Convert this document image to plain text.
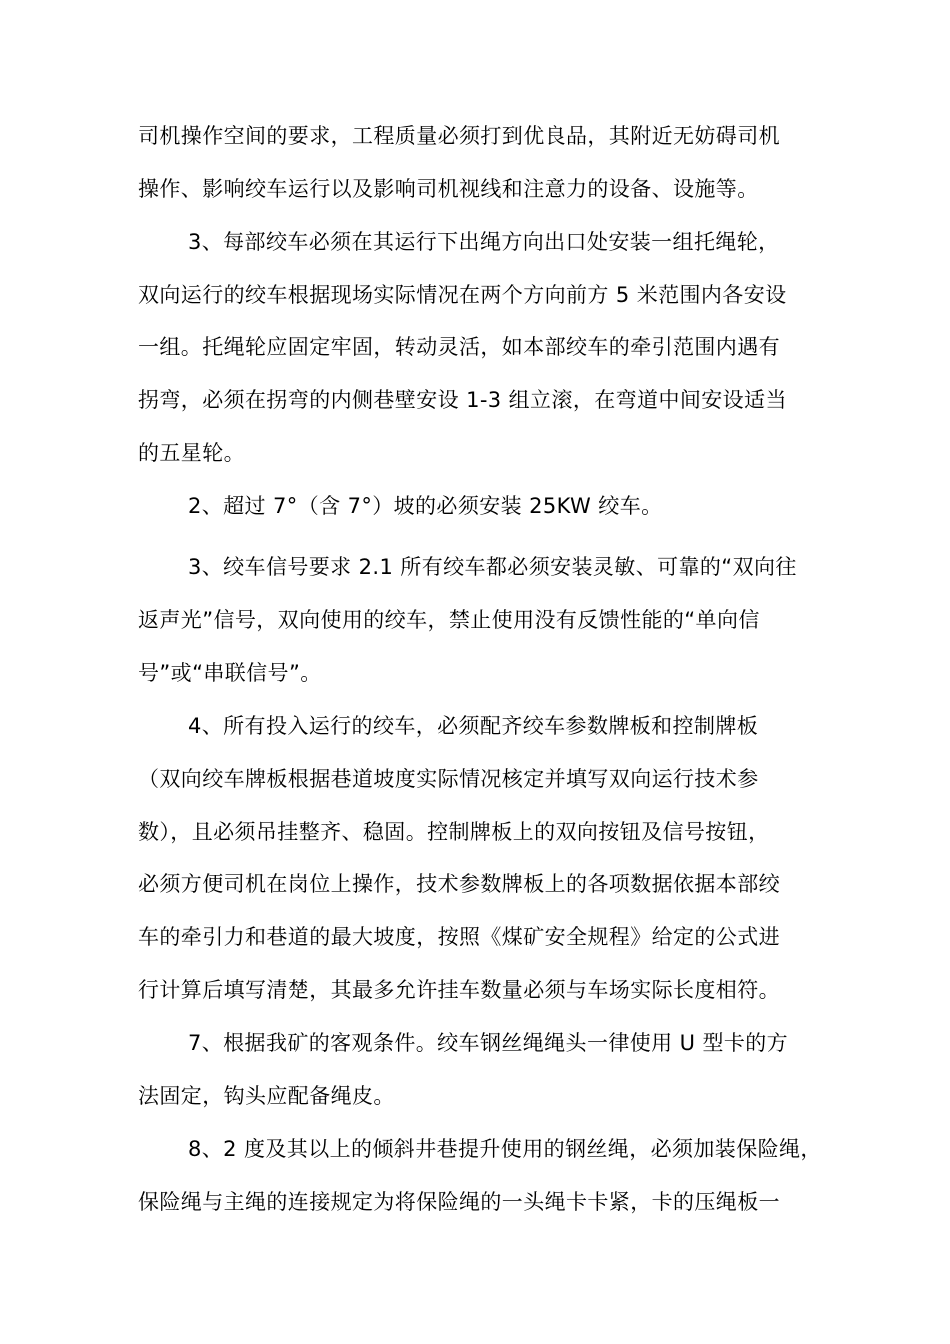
司机操作空间的要求，工程质量必须打到优良品，其附近无妨碍司机

操作、影响绞车运行以及影响司机视线和注意力的设备、设施等。

3、每部绞车必须在其运行下出绳方向出口处安装一组托绳轮，

双向运行的绞车根据现场实际情况在两个方向前方 5 米范围内各安设

一组。托绳轮应固定牢固，转动灵活，如本部绞车的牵引范围内遇有

拐弯，必须在拐弯的内侧巷壁安设 1-3 组立滚，在弯道中间安设适当

的五星轮。

2、超过 7°（含 7°）坡的必须安装 25KW 绞车。

3、绞车信号要求 2.1 所有绞车都必须安装灵敏、可靠的“双向往

返声光”信号，双向使用的绞车，禁止使用没有反馈性能的“单向信

号”或“串联信号”。

4、所有投入运行的绞车，必须配齐绞车参数牌板和控制牌板

（双向绞车牌板根据巷道坡度实际情况核定并填写双向运行技术参

数），且必须吊挂整齐、稳固。控制牌板上的双向按钮及信号按钮，

必须方便司机在岗位上操作，技术参数牌板上的各项数据依据本部绞

车的牵引力和巷道的最大坡度，按照《煤矿安全规程》给定的公式进

行计算后填写清楚，其最多允许挂车数量必须与车场实际长度相符。

7、根据我矿的客观条件。绞车钢丝绳绳头一律使用 U 型卡的方

法固定，钩头应配备绳皮。

8、2 度及其以上的倾斜井巷提升使用的钢丝绳，必须加装保险绳，

保险绳与主绳的连接规定为将保险绳的一头绳卡卡紧，卡的压绳板一
